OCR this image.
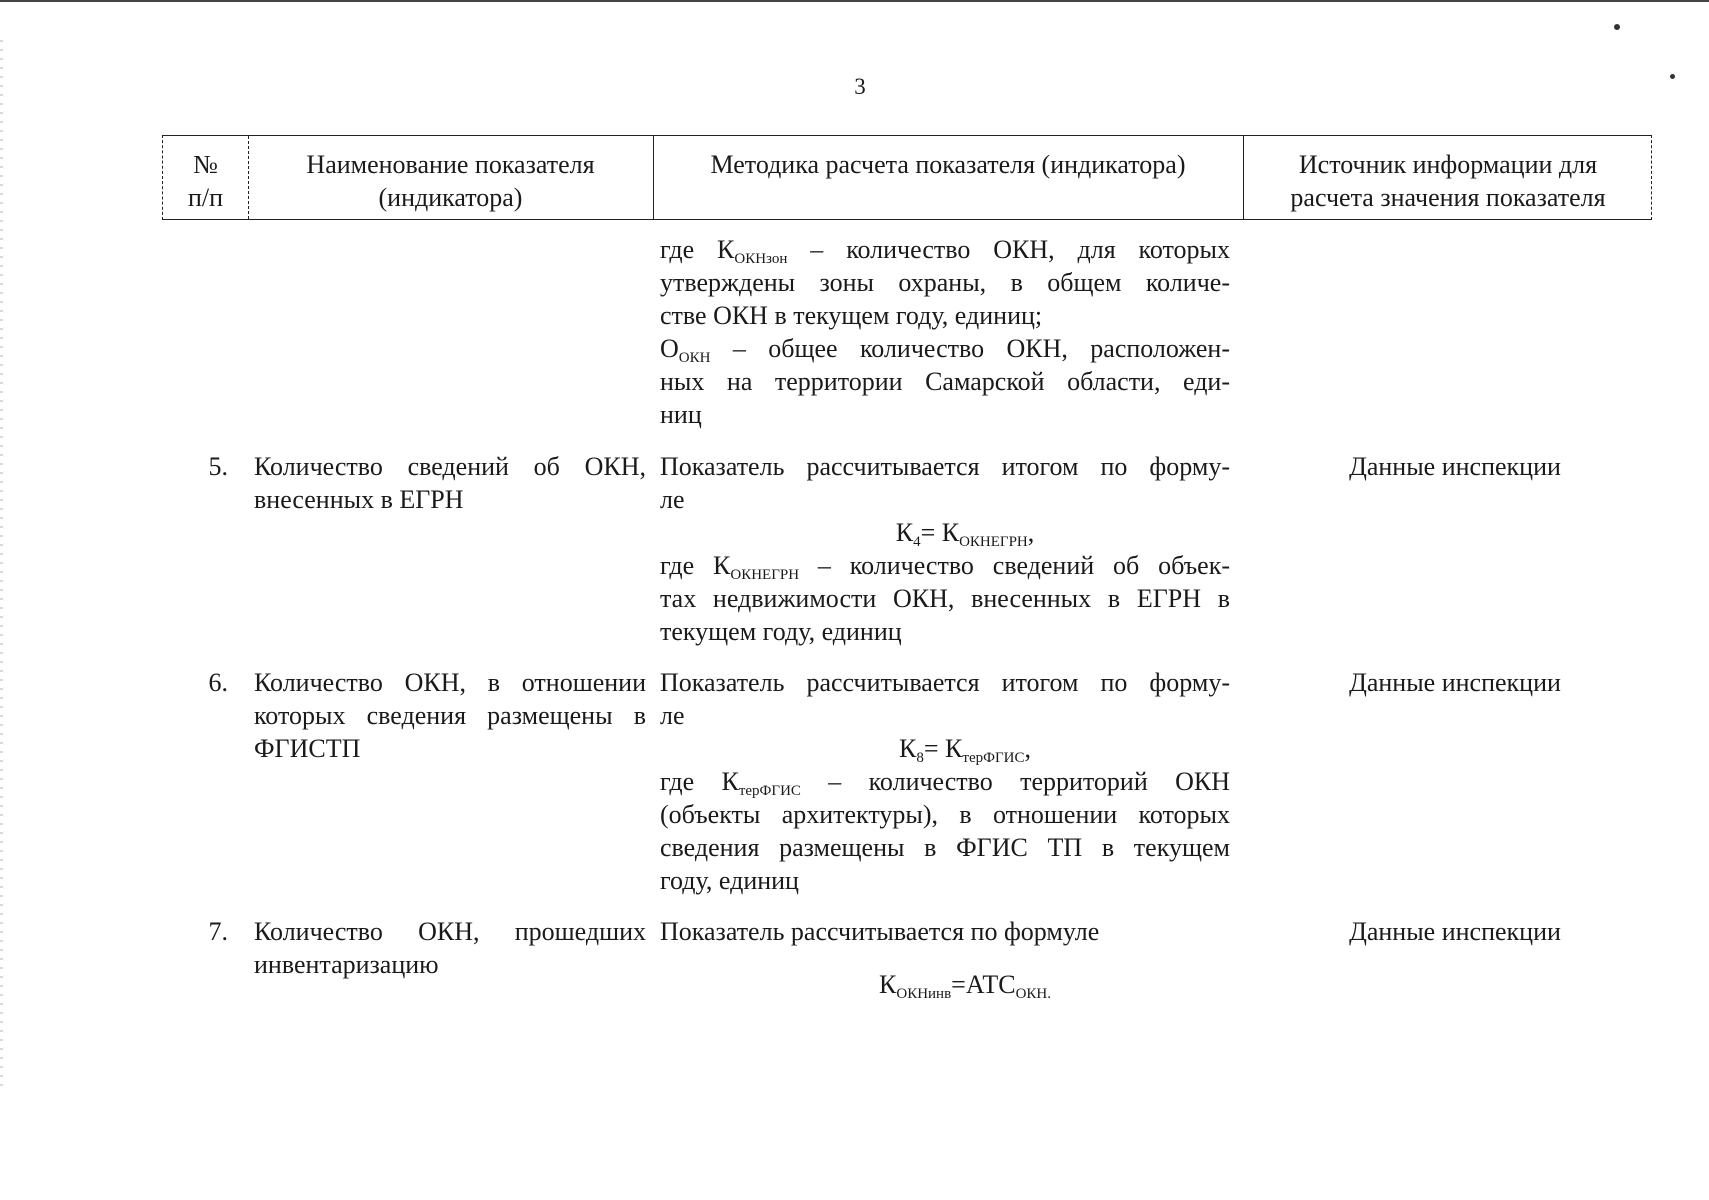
3
№
п/п
Наименование показателя
(индикатора)
Методика расчета показателя (индикатора)	Источник информации для
расчета значения показателя
где $К_{ОКНзон}$ – количество ОКН, для которых
утверждены зоны охраны, в общем количе-
стве ОКН в текущем году, единиц;
$О_{ОКН}$ – общее количество ОКН, расположен-
ных на территории Самарской области, еди-
ниц
5. Количество сведений об ОКН,
внесенных в ЕГРН
Показатель рассчитывается итогом по форму-
ле
$К_4= К_{ОКНЕГРН}$,
где $К_{ОКНЕГРН}$ – количество сведений об объек-
тах недвижимости ОКН, внесенных в ЕГРН в
текущем году, единиц
Данные инспекции
6. Количество ОКН, в отношении
которых сведения размещены в
ФГИСТП
Показатель рассчитывается итогом по форму-
ле
$К_8= К_{терФГИС}$,
где $К_{терФГИС}$ – количество территорий ОКН
(объекты архитектуры), в отношении которых
сведения размещены в ФГИС ТП в текущем
году, единиц
Данные инспекции
7. Количество ОКН, прошедших
инвентаризацию
Показатель рассчитывается по формуле
$К_{ОКНинв}=АТС_{ОКН.}$
Данные инспекции
